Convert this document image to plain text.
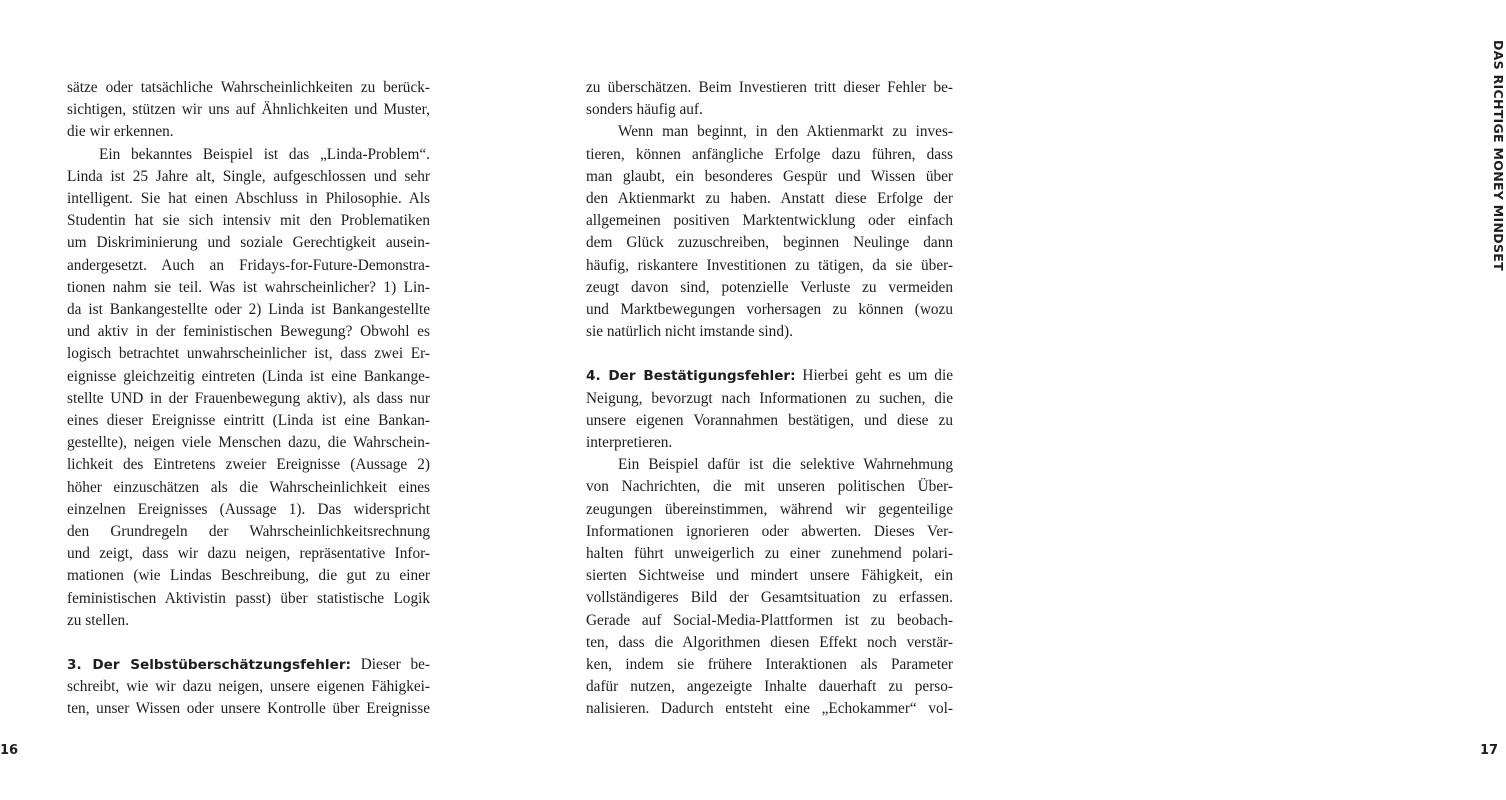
sätze oder tatsächliche Wahrscheinlichkeiten zu berück-
sichtigen, stützen wir uns auf Ähnlichkeiten und Muster,
die wir erkennen.
Ein bekanntes Beispiel ist das „Linda-Problem“.
Linda ist 25 Jahre alt, Single, aufgeschlossen und sehr
intelligent. Sie hat einen Abschluss in Philosophie. Als
Studentin hat sie sich intensiv mit den Problematiken
um Diskriminierung und soziale Gerechtigkeit ausein-
andergesetzt. Auch an Fridays-for-Future-Demonstra-
tionen nahm sie teil. Was ist wahrscheinlicher? 1) Lin-
da ist Bankangestellte oder 2) Linda ist Bankangestellte
und aktiv in der feministischen Bewegung? Obwohl es
logisch betrachtet unwahrscheinlicher ist, dass zwei Er-
eignisse gleichzeitig eintreten (Linda ist eine Bankange-
stellte UND in der Frauenbewegung aktiv), als dass nur
eines dieser Ereignisse eintritt (Linda ist eine Bankan-
gestellte), neigen viele Menschen dazu, die Wahrschein-
lichkeit des Eintretens zweier Ereignisse (Aussage 2)
höher einzuschätzen als die Wahrscheinlichkeit eines
einzelnen Ereignisses (Aussage 1). Das widerspricht
den Grundregeln der Wahrscheinlichkeitsrechnung
und zeigt, dass wir dazu neigen, repräsentative Infor-
mationen (wie Lindas Beschreibung, die gut zu einer
feministischen Aktivistin passt) über statistische Logik
zu stellen.
3. Der Selbstüberschätzungsfehler: Dieser be-
schreibt, wie wir dazu neigen, unsere eigenen Fähigkei-
ten, unser Wissen oder unsere Kontrolle über Ereignisse
16
zu überschätzen. Beim Investieren tritt dieser Fehler be-
sonders häufig auf.
Wenn man beginnt, in den Aktienmarkt zu inves-
tieren, können anfängliche Erfolge dazu führen, dass
man glaubt, ein besonderes Gespür und Wissen über
den Aktienmarkt zu haben. Anstatt diese Erfolge der
allgemeinen positiven Marktentwicklung oder einfach
dem Glück zuzuschreiben, beginnen Neulinge dann
häufig, riskantere Investitionen zu tätigen, da sie über-
zeugt davon sind, potenzielle Verluste zu vermeiden
und Marktbewegungen vorhersagen zu können (wozu
sie natürlich nicht imstande sind).
4. Der Bestätigungsfehler: Hierbei geht es um die
Neigung, bevorzugt nach Informationen zu suchen, die
unsere eigenen Vorannahmen bestätigen, und diese zu
interpretieren.
Ein Beispiel dafür ist die selektive Wahrnehmung
von Nachrichten, die mit unseren politischen Über-
zeugungen übereinstimmen, während wir gegenteilige
Informationen ignorieren oder abwerten. Dieses Ver-
halten führt unweigerlich zu einer zunehmend polari-
sierten Sichtweise und mindert unsere Fähigkeit, ein
vollständigeres Bild der Gesamtsituation zu erfassen.
Gerade auf Social-Media-Plattformen ist zu beobach-
ten, dass die Algorithmen diesen Effekt noch verstär-
ken, indem sie frühere Interaktionen als Parameter
dafür nutzen, angezeigte Inhalte dauerhaft zu perso-
nalisieren. Dadurch entsteht eine „Echokammer“ vol-
DAS RICHTIGE MONEY MINDSET
17
